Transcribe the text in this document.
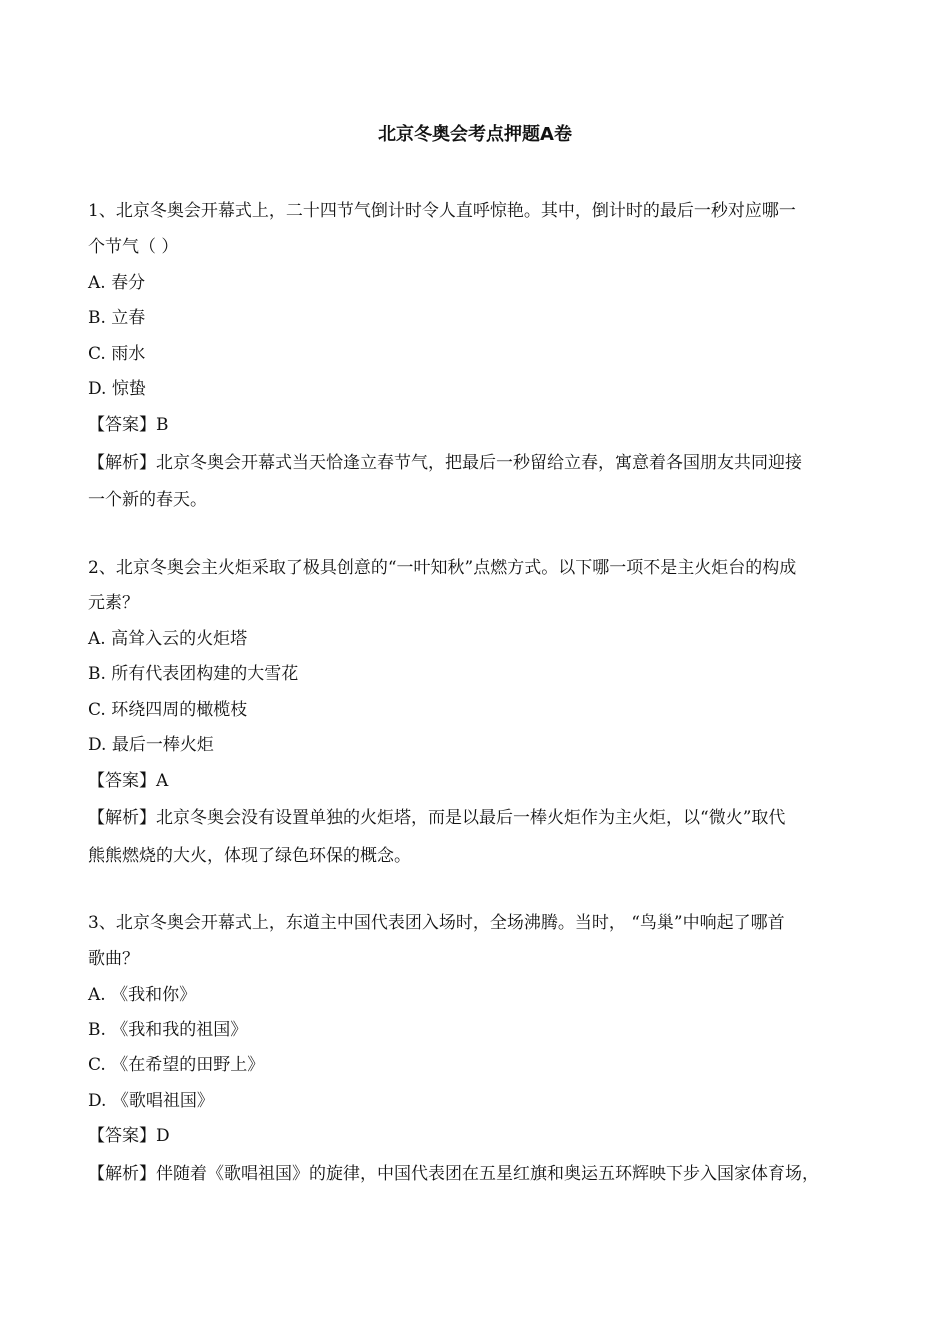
北京冬奥会考点押题A卷
1、北京冬奥会开幕式上，二十四节气倒计时令人直呼惊艳。其中，倒计时的最后一秒对应哪一
个节气（ ）
A. 春分
B. 立春
C. 雨水
D. 惊蛰
【答案】B
【解析】北京冬奥会开幕式当天恰逢立春节气，把最后一秒留给立春，寓意着各国朋友共同迎接
一个新的春天。
2、北京冬奥会主火炬采取了极具创意的“一叶知秋”点燃方式。以下哪一项不是主火炬台的构成
元素？
A. 高耸入云的火炬塔
B. 所有代表团构建的大雪花
C. 环绕四周的橄榄枝
D. 最后一棒火炬
【答案】A
【解析】北京冬奥会没有设置单独的火炬塔，而是以最后一棒火炬作为主火炬，以“微火”取代
熊熊燃烧的大火，体现了绿色环保的概念。
3、北京冬奥会开幕式上，东道主中国代表团入场时，全场沸腾。当时， “鸟巢”中响起了哪首
歌曲？
A. 《我和你》
B. 《我和我的祖国》
C. 《在希望的田野上》
D. 《歌唱祖国》
【答案】D
【解析】伴随着《歌唱祖国》的旋律，中国代表团在五星红旗和奥运五环辉映下步入国家体育场，
